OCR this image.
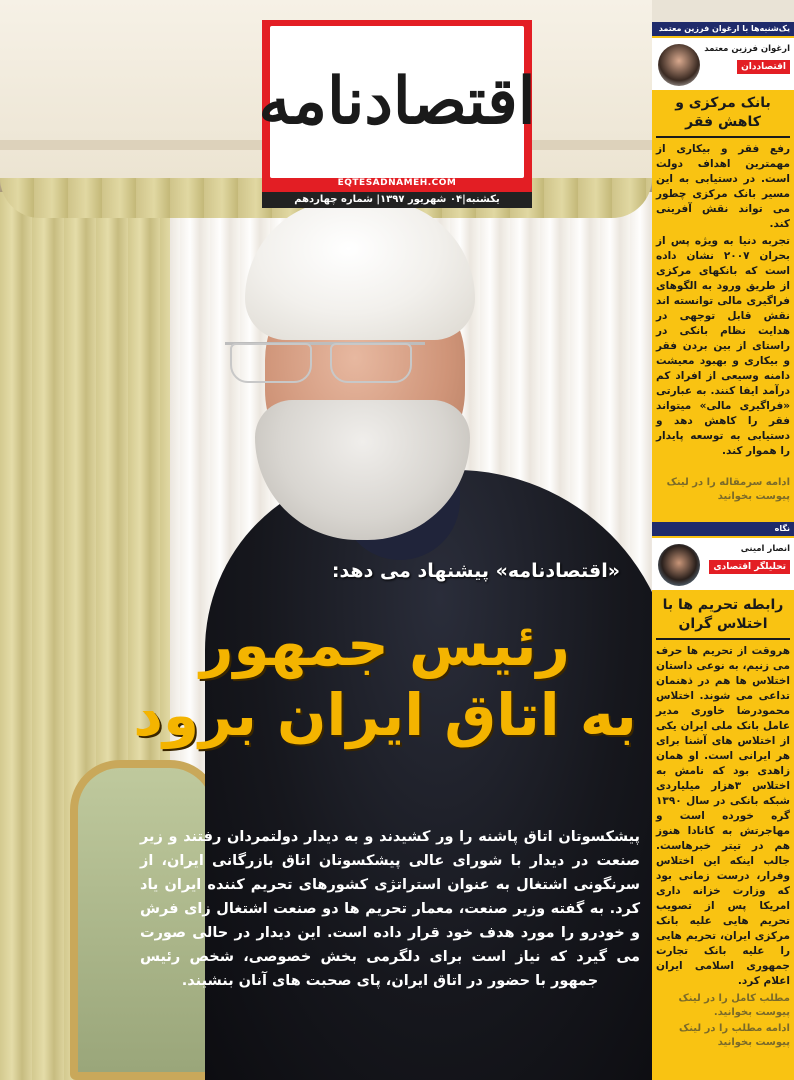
اقتصادنامه
EQTESADNAMEH.COM
یکشنبه|۰۴ شهریور ۱۳۹۷| شماره چهاردهم
«اقتصادنامه» پیشنهاد می دهد:
رئیس جمهور
به اتاق ایران برود
پیشکسوتان اتاق پاشنه را ور کشیدند و به دیدار دولتمردان رفتند و زیر صنعت در دیدار با شورای عالی پیشکسوتان اتاق بازرگانی ایران، از سرنگونی اشتغال به عنوان استراتژی کشورهای تحریم کننده ایران یاد کرد. به گفته وزیر صنعت، معمار تحریم ها دو صنعت اشتغال زای فرش و خودرو را مورد هدف خود قرار داده است. این دیدار در حالی صورت می گیرد که نیاز است برای دلگرمی بخش خصوصی، شخص رئیس جمهور با حضور در اتاق ایران، پای صحبت های آنان بنشیند.
یک‌شنبه‌ها با ارغوان فرزین معتمد
ارغوان فرزین معتمد
اقتصاددان
بانک مرکزی و کاهش فقر
رفع فقر و بیکاری از مهمترین اهداف دولت است. در دستیابی به این مسیر بانک مرکزی چطور می تواند نقش آفرینی کند.
تجربه دنیا به ویژه پس از بحران ۲۰۰۷ نشان داده است که بانکهای مرکزی از طریق ورود به الگوهای فراگیری مالی توانسته اند نقش قابل توجهی در هدایت نظام بانکی در راستای از بین بردن فقر و بیکاری و بهبود معیشت دامنه وسیعی از افراد کم درآمد ایفا کنند. به عبارتی «فراگیری مالی» میتواند فقر را کاهش دهد و دستیابی به توسعه پایدار را هموار کند.
ادامه سرمقاله را در لینک پیوست بخوانید
نگاه
انصار امینی
تحلیلگر اقتصادی
رابطه تحریم ها با اختلاس گران
هروقت از تحریم ها حرف می زنیم، به نوعی داستان اختلاس ها هم در ذهنمان تداعی می شوند. اختلاس محمودرضا خاوری مدیر عامل بانک ملی ایران یکی از اختلاس های آشنا برای هر ایرانی است. او همان زاهدی بود که نامش به اختلاس ۳هزار میلیاردی شبکه بانکی در سال ۱۳۹۰ گره خورده است و مهاجرتش به کانادا هنوز هم در تیتر خبرهاست. جالب اینکه این اختلاس وفرار، درست زمانی بود که وزارت خزانه داری امریکا پس از تصویب تحریم هایی علیه بانک مرکزی ایران، تحریم هایی را علیه بانک تجارت جمهوری اسلامی ایران اعلام کرد.
مطلب کامل را در لینک پیوست بخوانید.
ادامه مطلب را در لینک پیوست بخوانید
